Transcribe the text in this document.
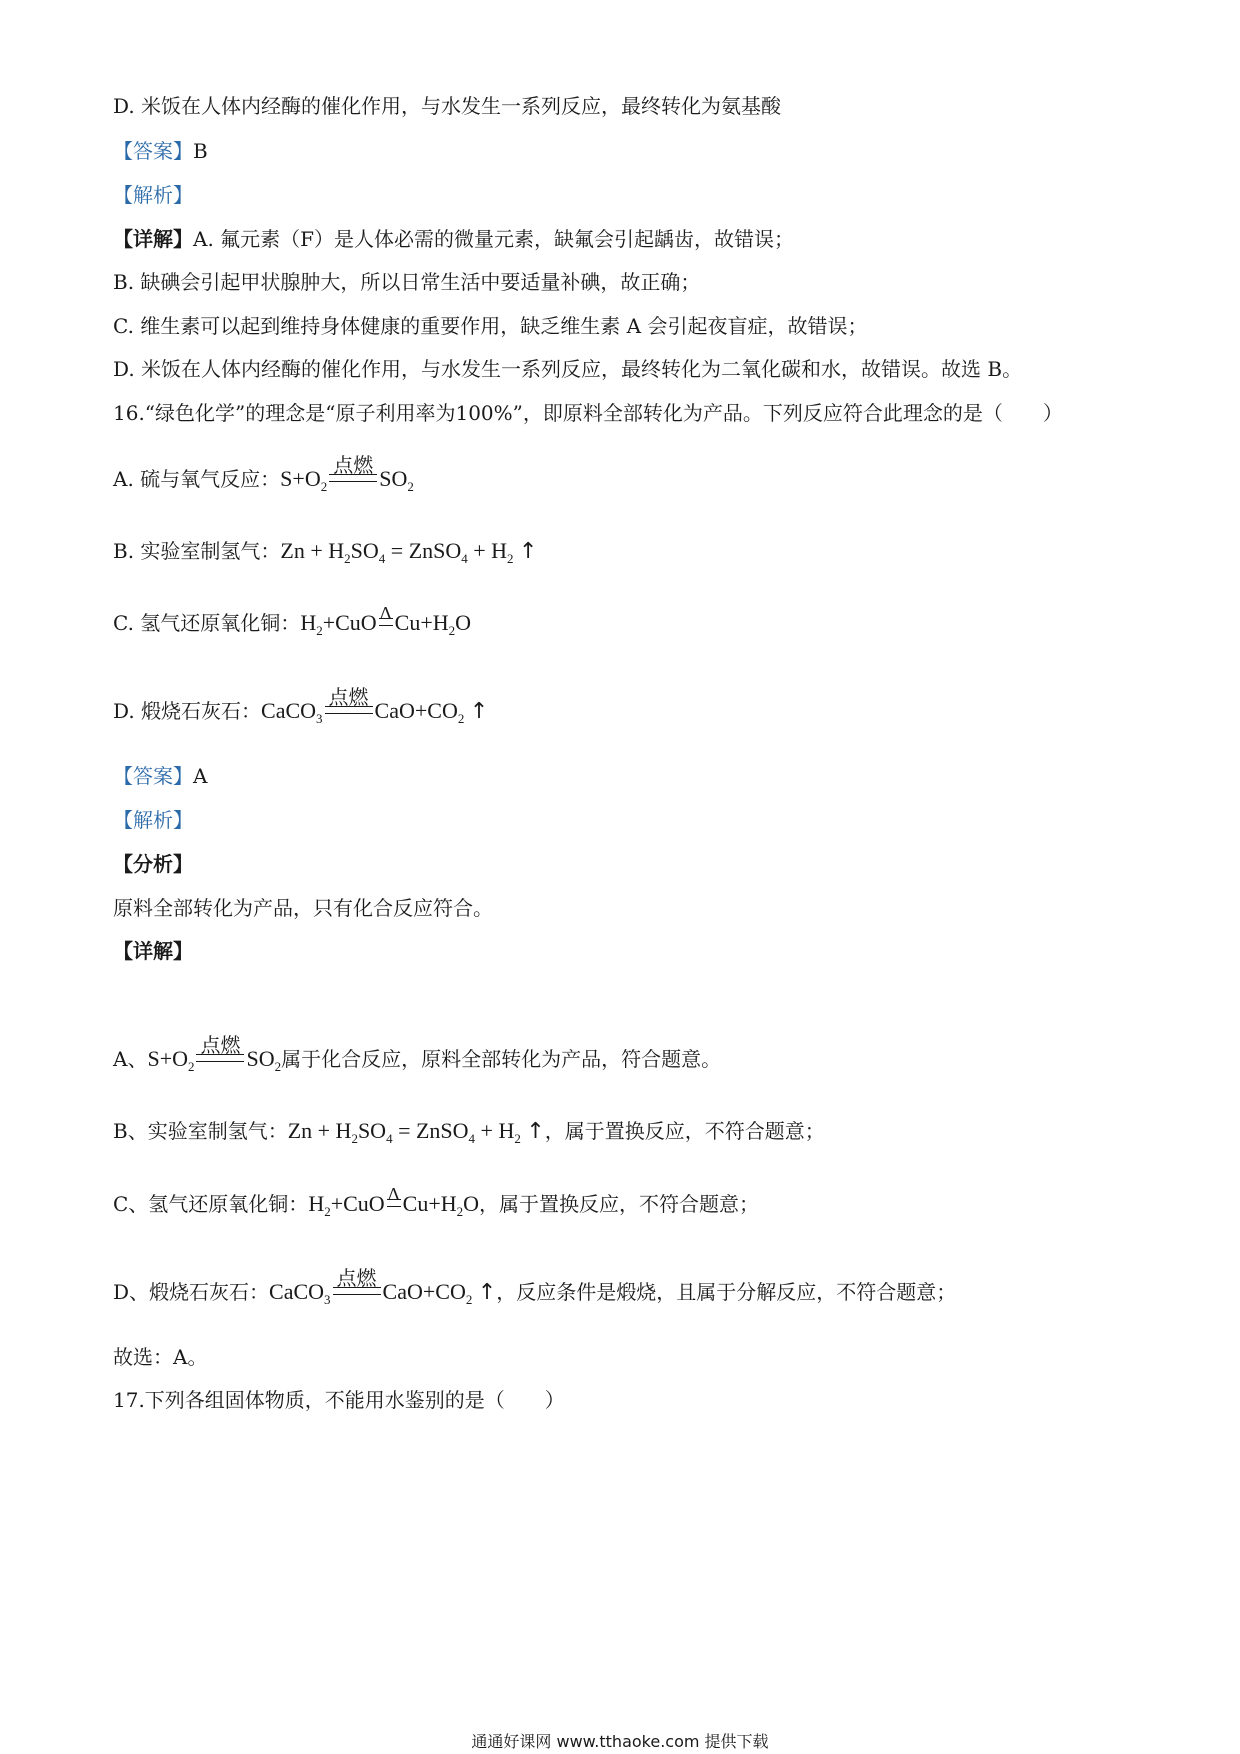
D. 米饭在人体内经酶的催化作用，与水发生一系列反应，最终转化为氨基酸
【答案】B
【解析】
【详解】A. 氟元素（F）是人体必需的微量元素，缺氟会引起龋齿，故错误；
B. 缺碘会引起甲状腺肿大，所以日常生活中要适量补碘，故正确；
C. 维生素可以起到维持身体健康的重要作用，缺乏维生素 A 会引起夜盲症，故错误；
D. 米饭在人体内经酶的催化作用，与水发生一系列反应，最终转化为二氧化碳和水，故错误。故选 B。
16.“绿色化学”的理念是“原子利用率为100%”，即原料全部转化为产品。下列反应符合此理念的是（　　）
A. 硫与氧气反应：$S+O_2$
点燃
$SO_2$
B. 实验室制氢气：$Zn + H_2SO_4$ = ZnSO$_4$ + $H_2$ ↑
C. 氢气还原氧化铜：$H_2+CuO$ Δ $Cu+H_2O$
D. 煅烧石灰石：CaCO$_3$
点燃
$CaO+CO_2$ ↑
【答案】A
【解析】
【分析】
原料全部转化为产品，只有化合反应符合。
【详解】
A、$S+O_2$
点燃
$SO_2$属于化合反应，原料全部转化为产品，符合题意。
B、实验室制氢气：$Zn + H_2SO_4$ = ZnSO$_4$ + $H_2$ ↑，属于置换反应，不符合题意；
C、氢气还原氧化铜：$H_2+CuO$ Δ $Cu+H_2O$，属于置换反应，不符合题意；
D、煅烧石灰石：CaCO$_3$
点燃
$CaO+CO_2$ ↑，反应条件是煅烧，且属于分解反应，不符合题意；
故选：A。
17.下列各组固体物质，不能用水鉴别的是（　　）
通通好课网 www.tthaoke.com 提供下载
